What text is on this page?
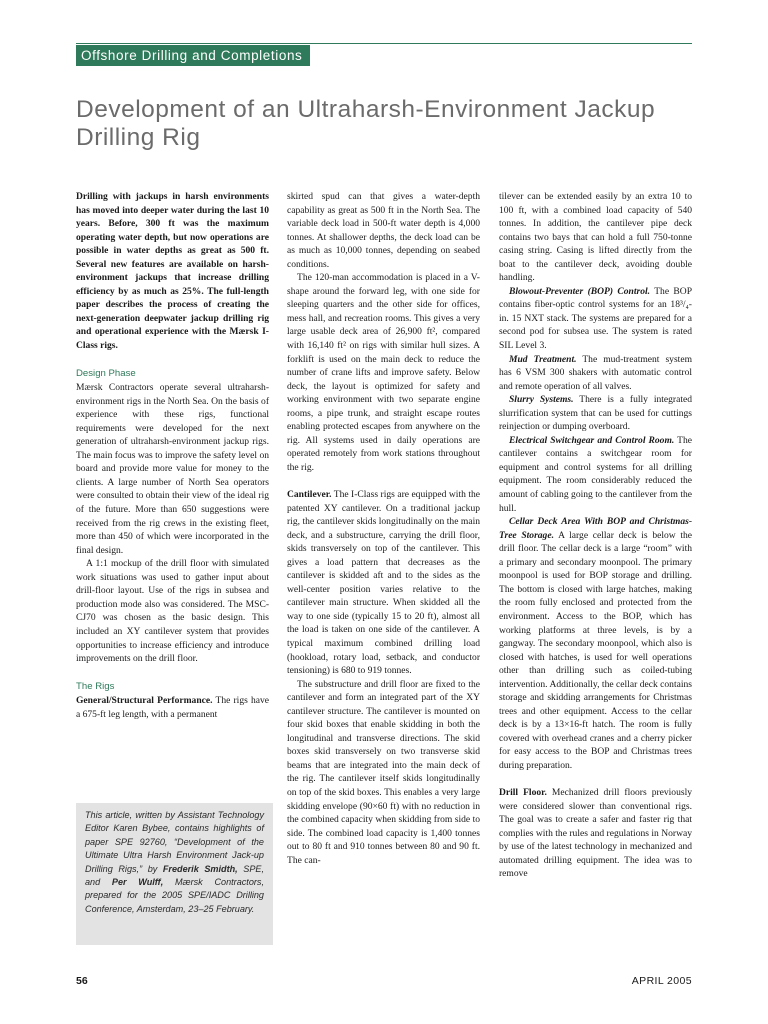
Offshore Drilling and Completions
Development of an Ultraharsh-Environment Jackup Drilling Rig

Drilling with jackups in harsh environments has moved into deeper water during the last 10 years. Before, 300 ft was the maximum operating water depth, but now operations are possible in water depths as great as 500 ft. Several new features are available on harsh-environment jackups that increase drilling efficiency by as much as 25%. The full-length paper describes the process of creating the next-generation deepwater jackup drilling rig and operational experience with the Mærsk I-Class rigs.

Design Phase

Mærsk Contractors operate several ultraharsh-environment rigs in the North Sea. On the basis of experience with these rigs, functional requirements were developed for the next generation of ultraharsh-environment jackup rigs. The main focus was to improve the safety level on board and provide more value for money to the clients. A large number of North Sea operators were consulted to obtain their view of the ideal rig of the future. More than 650 suggestions were received from the rig crews in the existing fleet, more than 450 of which were incorporated in the final design.

A 1:1 mockup of the drill floor with simulated work situations was used to gather input about drill-floor layout. Use of the rigs in subsea and production mode also was considered. The MSC-CJ70 was chosen as the basic design. This included an XY cantilever system that provides opportunities to increase efficiency and introduce improvements on the drill floor.

The Rigs

General/Structural Performance. The rigs have a 675-ft leg length, with a permanent

This article, written by Assistant Technology Editor Karen Bybee, contains highlights of paper SPE 92760, “Development of the Ultimate Ultra Harsh Environment Jack-up Drilling Rigs,” by Frederik Smidth, SPE, and Per Wulff, Mærsk Contractors, prepared for the 2005 SPE/IADC Drilling Conference, Amsterdam, 23–25 February.

skirted spud can that gives a water-depth capability as great as 500 ft in the North Sea. The variable deck load in 500-ft water depth is 4,000 tonnes. At shallower depths, the deck load can be as much as 10,000 tonnes, depending on seabed conditions.

The 120-man accommodation is placed in a V-shape around the forward leg, with one side for sleeping quarters and the other side for offices, mess hall, and recreation rooms. This gives a very large usable deck area of 26,900 ft², compared with 16,140 ft² on rigs with similar hull sizes. A forklift is used on the main deck to reduce the number of crane lifts and improve safety. Below deck, the layout is optimized for safety and working environment with two separate engine rooms, a pipe trunk, and straight escape routes enabling protected escapes from anywhere on the rig. All systems used in daily operations are operated remotely from work stations throughout the rig.

Cantilever. The I-Class rigs are equipped with the patented XY cantilever. On a traditional jackup rig, the cantilever skids longitudinally on the main deck, and a substructure, carrying the drill floor, skids transversely on top of the cantilever. This gives a load pattern that decreases as the cantilever is skidded aft and to the sides as the well-center position varies relative to the cantilever main structure. When skidded all the way to one side (typically 15 to 20 ft), almost all the load is taken on one side of the cantilever. A typical maximum combined drilling load (hookload, rotary load, setback, and conductor tensioning) is 680 to 919 tonnes.

The substructure and drill floor are fixed to the cantilever and form an integrated part of the XY cantilever structure. The cantilever is mounted on four skid boxes that enable skidding in both the longitudinal and transverse directions. The skid boxes skid transversely on two transverse skid beams that are integrated into the main deck of the rig. The cantilever itself skids longitudinally on top of the skid boxes. This enables a very large skidding envelope (90×60 ft) with no reduction in the combined capacity when skidding from side to side. The combined load capacity is 1,400 tonnes out to 80 ft and 910 tonnes between 80 and 90 ft. The can-

tilever can be extended easily by an extra 10 to 100 ft, with a combined load capacity of 540 tonnes. In addition, the cantilever pipe deck contains two bays that can hold a full 750-tonne casing string. Casing is lifted directly from the boat to the cantilever deck, avoiding double handling.

Blowout-Preventer (BOP) Control. The BOP contains fiber-optic control systems for an 18³/₄-in. 15 NXT stack. The systems are prepared for a second pod for subsea use. The system is rated SIL Level 3.

Mud Treatment. The mud-treatment system has 6 VSM 300 shakers with automatic control and remote operation of all valves.

Slurry Systems. There is a fully integrated slurrification system that can be used for cuttings reinjection or dumping overboard.

Electrical Switchgear and Control Room. The cantilever contains a switchgear room for equipment and control systems for all drilling equipment. The room considerably reduced the amount of cabling going to the cantilever from the hull.

Cellar Deck Area With BOP and Christmas-Tree Storage. A large cellar deck is below the drill floor. The cellar deck is a large “room” with a primary and secondary moonpool. The primary moonpool is used for BOP storage and drilling. The bottom is closed with large hatches, making the room fully enclosed and protected from the environment. Access to the BOP, which has working platforms at three levels, is by a gangway. The secondary moonpool, which also is closed with hatches, is used for well operations other than drilling such as coiled-tubing intervention. Additionally, the cellar deck contains storage and skidding arrangements for Christmas trees and other equipment. Access to the cellar deck is by a 13×16-ft hatch. The room is fully covered with overhead cranes and a cherry picker for easy access to the BOP and Christmas trees during preparation.

Drill Floor. Mechanized drill floors previously were considered slower than conventional rigs. The goal was to create a safer and faster rig that complies with the rules and regulations in Norway by use of the latest technology in mechanized and automated drilling equipment. The idea was to remove

56	APRIL 2005
